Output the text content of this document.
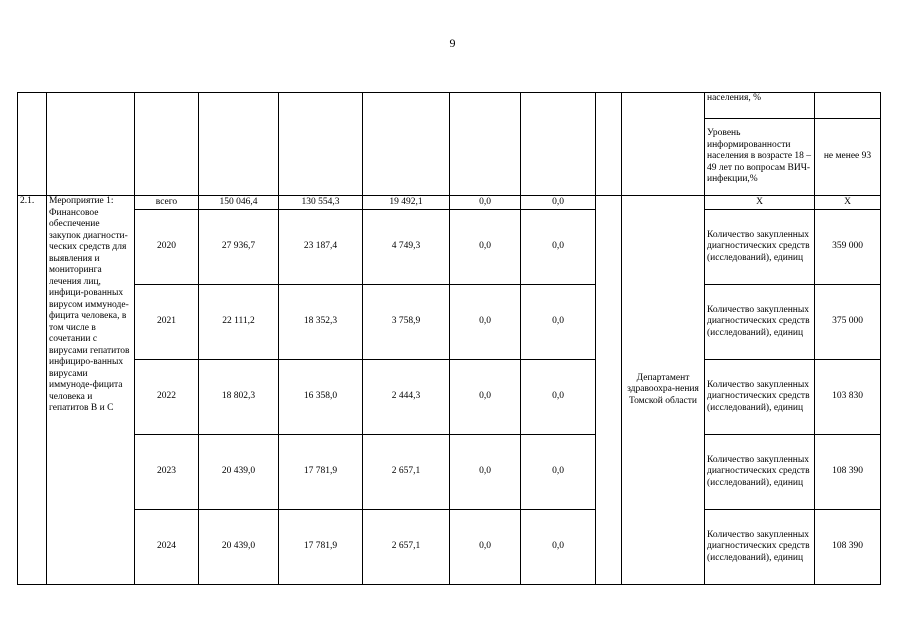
9
										населения, %	
										Уровень информированности населения в возрасте 18 – 49 лет по вопросам ВИЧ-инфекции,%	не менее 93
2.1.	Мероприятие 1: Финансовое обеспечение закупок диагности-ческих средств для выявления и мониторинга лечения лиц, инфици-рованных вирусом иммуноде-фицита человека, в том числе в сочетании с вирусами гепатитов инфициро-ванных вирусами иммуноде-фицита человека и гепатитов В и С	всего	150 046,4	130 554,3	19 492,1	0,0	0,0		Департамент здравоохра-нения Томской области	Х	Х
		2020	27 936,7	23 187,4	4 749,3	0,0	0,0			Количество закупленных диагностических средств (исследований), единиц	359 000
		2021	22 111,2	18 352,3	3 758,9	0,0	0,0			Количество закупленных диагностических средств (исследований), единиц	375 000
		2022	18 802,3	16 358,0	2 444,3	0,0	0,0			Количество закупленных диагностических средств (исследований), единиц	103 830
		2023	20 439,0	17 781,9	2 657,1	0,0	0,0			Количество закупленных диагностических средств (исследований), единиц	108 390
		2024	20 439,0	17 781,9	2 657,1	0,0	0,0			Количество закупленных диагностических средств (исследований), единиц	108 390
